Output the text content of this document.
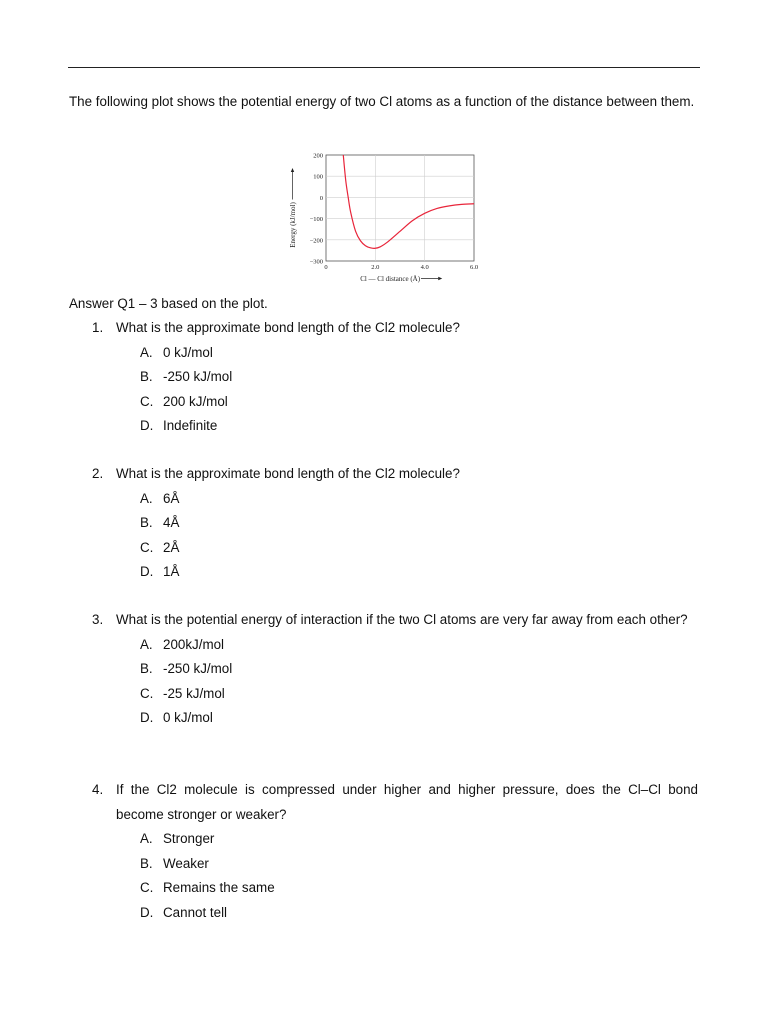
The following plot shows the potential energy of two Cl atoms as a function of the distance between them.

200
100
0
−100
−200
−300
0	2.0	4.0	6.0
Cl — Cl distance (Å)
Energy (kJ/mol)

Answer Q1 – 3 based on the plot.

1. What is the approximate bond length of the Cl2 molecule?
A. 0 kJ/mol
B. -250 kJ/mol
C. 200 kJ/mol
D. Indefinite
2. What is the approximate bond length of the Cl2 molecule?
A. 6Å
B. 4Å
C. 2Å
D. 1Å
3. What is the potential energy of interaction if the two Cl atoms are very far away from each other?
A. 200kJ/mol
B. -250 kJ/mol
C. -25 kJ/mol
D. 0 kJ/mol
4. If the Cl2 molecule is compressed under higher and higher pressure, does the Cl–Cl bond become stronger or weaker?
A. Stronger
B. Weaker
C. Remains the same
D. Cannot tell
